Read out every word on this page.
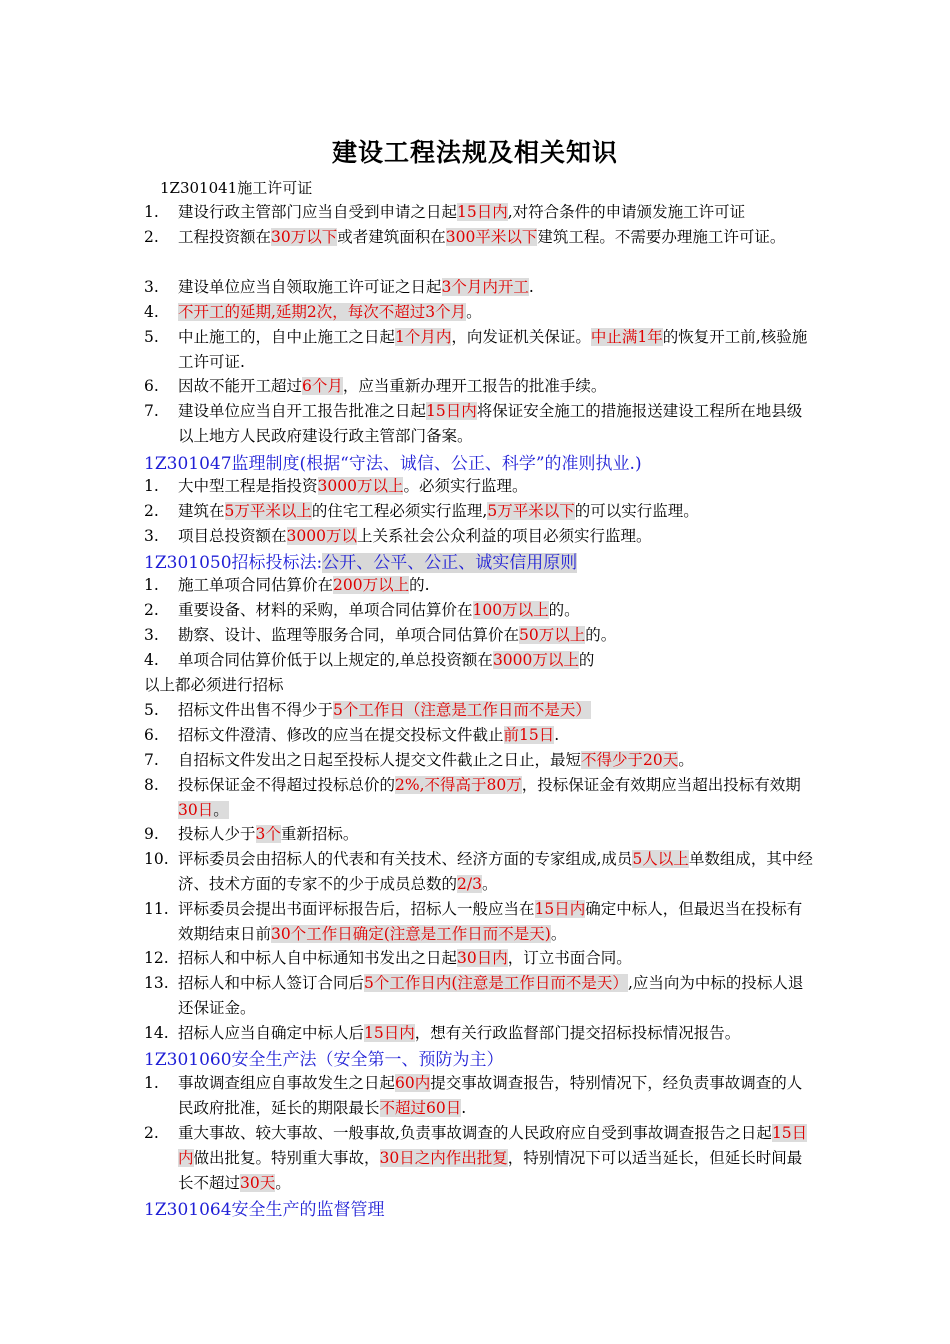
建设工程法规及相关知识
1Z301041施工许可证
1.	建设行政主管部门应当自受到申请之日起15日内,对符合条件的申请颁发施工许可证
2.	工程投资额在30万以下或者建筑面积在300平米以下建筑工程。不需要办理施工许可证。
3.	建设单位应当自领取施工许可证之日起3个月内开工.
4.	不开工的延期,延期2次，每次不超过3个月。
5.	中止施工的，自中止施工之日起1个月内，向发证机关保证。中止满1年的恢复开工前,核验施工许可证.
6.	因故不能开工超过6个月，应当重新办理开工报告的批准手续。
7.	建设单位应当自开工报告批准之日起15日内将保证安全施工的措施报送建设工程所在地县级以上地方人民政府建设行政主管部门备案。
1Z301047监理制度(根据“守法、诚信、公正、科学”的准则执业.)
1.	大中型工程是指投资3000万以上。必须实行监理。
2.	建筑在5万平米以上的住宅工程必须实行监理,5万平米以下的可以实行监理。
3.	项目总投资额在3000万以上关系社会公众利益的项目必须实行监理。
1Z301050招标投标法:公开、公平、公正、诚实信用原则
1.	施工单项合同估算价在200万以上的.
2.	重要设备、材料的采购，单项合同估算价在100万以上的。
3.	勘察、设计、监理等服务合同，单项合同估算价在50万以上的。
4.	单项合同估算价低于以上规定的,单总投资额在3000万以上的
以上都必须进行招标
5.	招标文件出售不得少于5个工作日（注意是工作日而不是天）
6.	招标文件澄清、修改的应当在提交投标文件截止前15日.
7.	自招标文件发出之日起至投标人提交文件截止之日止，最短不得少于20天。
8.	投标保证金不得超过投标总价的2%,不得高于80万，投标保证金有效期应当超出投标有效期30日。
9.	投标人少于3个重新招标。
10. 评标委员会由招标人的代表和有关技术、经济方面的专家组成,成员5人以上单数组成，其中经济、技术方面的专家不的少于成员总数的2/3。
11. 评标委员会提出书面评标报告后，招标人一般应当在15日内确定中标人，但最迟当在投标有效期结束日前30个工作日确定(注意是工作日而不是天)。
12. 招标人和中标人自中标通知书发出之日起30日内，订立书面合同。
13. 招标人和中标人签订合同后5个工作日内(注意是工作日而不是天）,应当向为中标的投标人退还保证金。
14. 招标人应当自确定中标人后15日内，想有关行政监督部门提交招标投标情况报告。
1Z301060安全生产法（安全第一、预防为主）
1.	事故调查组应自事故发生之日起60内提交事故调查报告，特别情况下，经负责事故调查的人民政府批准，延长的期限最长不超过60日.
2.	重大事故、较大事故、一般事故,负责事故调查的人民政府应自受到事故调查报告之日起15日内做出批复。特别重大事故，30日之内作出批复，特别情况下可以适当延长，但延长时间最长不超过30天。
1Z301064安全生产的监督管理
